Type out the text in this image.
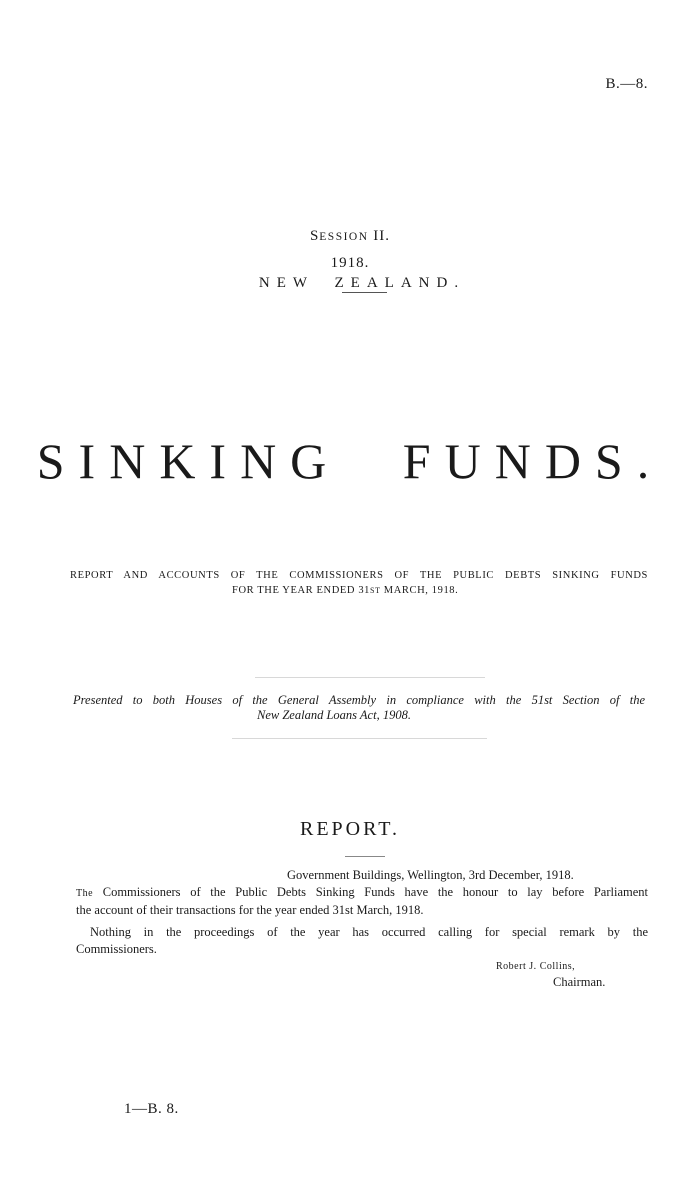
B.—8.
SESSION II.
1918.
NEW ZEALAND.
SINKING FUNDS.
REPORT AND ACCOUNTS OF THE COMMISSIONERS OF THE PUBLIC DEBTS SINKING FUNDS
FOR THE YEAR ENDED 31ST MARCH, 1918.
Presented to both Houses of the General Assembly in compliance with the 51st Section of the
New Zealand Loans Act, 1908.
REPORT.
Government Buildings, Wellington, 3rd December, 1918.
The Commissioners of the Public Debts Sinking Funds have the honour to lay before Parliament
the account of their transactions for the year ended 31st March, 1918.
Nothing in the proceedings of the year has occurred calling for special remark by the
Commissioners.
Robert J. Collins,
Chairman.
1—B. 8.
